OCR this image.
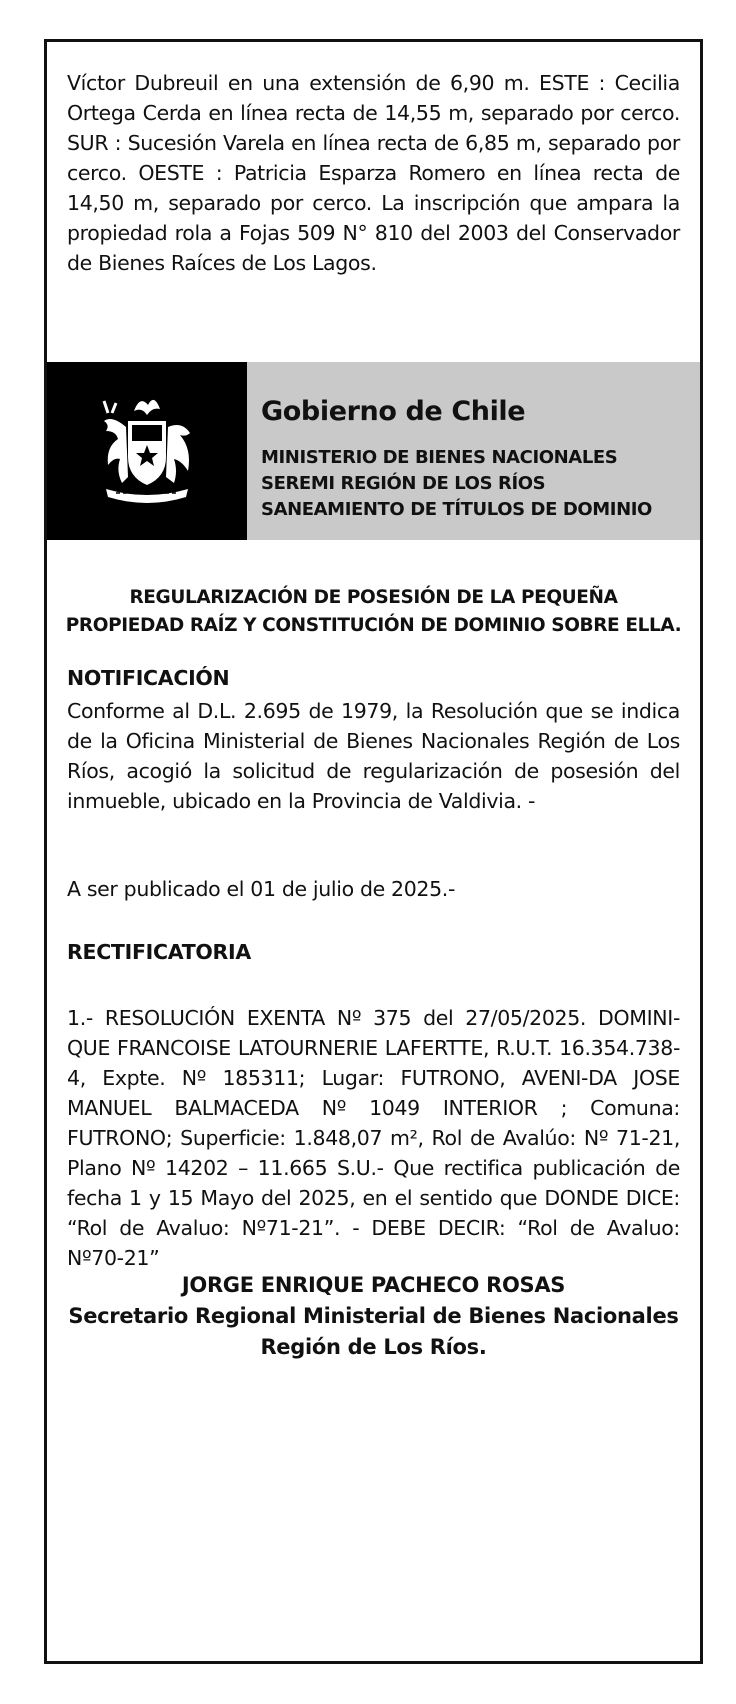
Víctor Dubreuil en una extensión de 6,90 m. ESTE : Cecilia Ortega Cerda en línea recta de 14,55 m, separado por cerco. SUR : Sucesión Varela en línea recta de 6,85 m, separado por cerco. OESTE : Patricia Esparza Romero en línea recta de 14,50 m, separado por cerco. La inscripción que ampara la propiedad rola a Fojas 509 N° 810 del 2003 del Conservador de Bienes Raíces de Los Lagos.

Gobierno de Chile

MINISTERIO DE BIENES NACIONALES

SEREMI REGIÓN DE LOS RÍOS

SANEAMIENTO DE TÍTULOS DE DOMINIO

REGULARIZACIÓN DE POSESIÓN DE LA PEQUEÑA
PROPIEDAD RAÍZ Y CONSTITUCIÓN DE DOMINIO SOBRE ELLA.
NOTIFICACIÓN

Conforme al D.L. 2.695 de 1979, la Resolución que se indica de la Oficina Ministerial de Bienes Nacionales Región de Los Ríos, acogió la solicitud de regularización de posesión del inmueble, ubicado en la Provincia de Valdivia. -

A ser publicado el 01 de julio de 2025.-

RECTIFICATORIA

1.- RESOLUCIÓN EXENTA Nº 375 del 27/05/2025. DOMINI-QUE FRANCOISE LATOURNERIE LAFERTTE, R.U.T. 16.354.738-4, Expte. Nº 185311; Lugar: FUTRONO, AVENI-DA JOSE MANUEL BALMACEDA Nº 1049 INTERIOR ; Comuna: FUTRONO; Superficie: 1.848,07 m², Rol de Avalúo: Nº 71-21, Plano Nº 14202 – 11.665 S.U.- Que rectifica publicación de fecha 1 y 15 Mayo del 2025, en el sentido que DONDE DICE: “Rol de Avaluo: Nº71-21”. - DEBE DECIR: “Rol de Avaluo: Nº70-21”

JORGE ENRIQUE PACHECO ROSAS
Secretario Regional Ministerial de Bienes Nacionales
Región de Los Ríos.
